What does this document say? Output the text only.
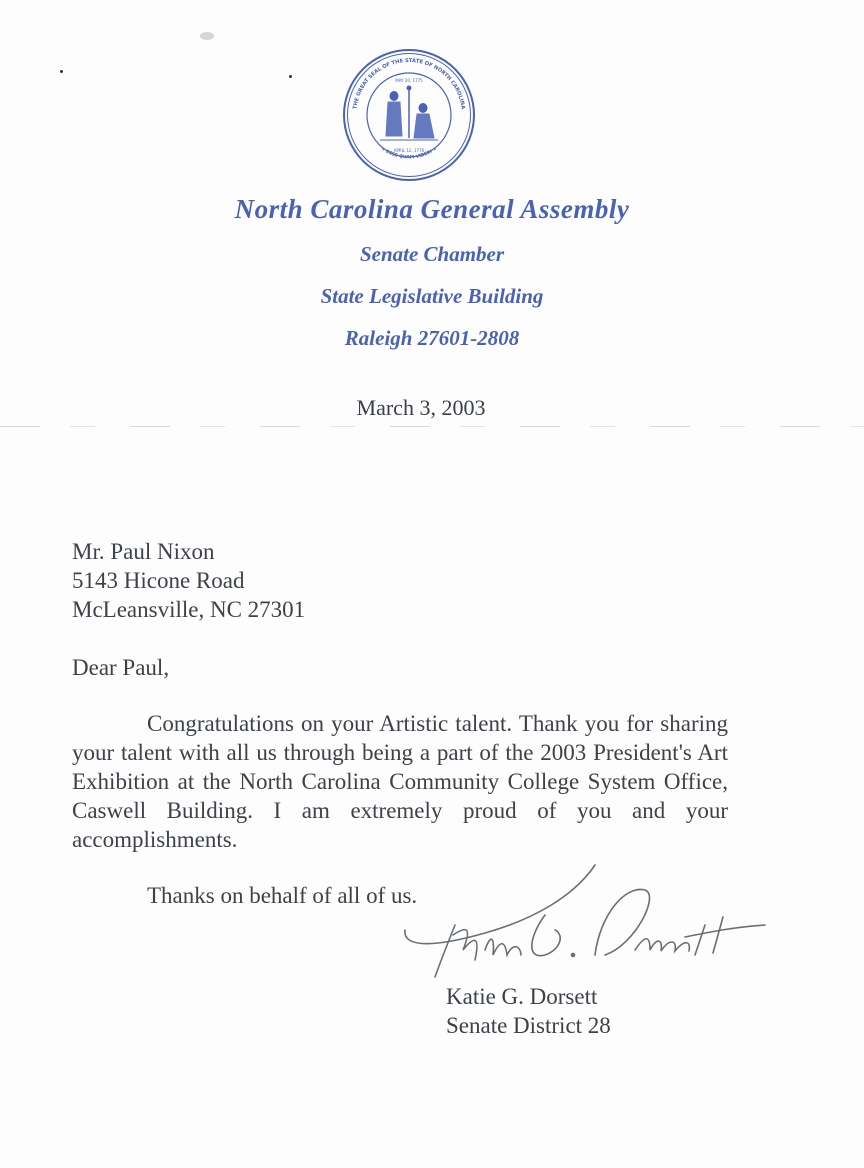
THE GREAT SEAL OF THE STATE OF NORTH CAROLINA
★ ESSE QUAM VIDERI ★
MAY 20, 1775
APRIL 12, 1776
North Carolina General Assembly
Senate Chamber
State Legislative Building
Raleigh 27601-2808
March 3, 2003
Mr. Paul Nixon
5143 Hicone Road
McLeansville, NC 27301
Dear Paul,
Congratulations on your Artistic talent. Thank you for sharing your talent with all us through being a part of the 2003 President's Art Exhibition at the North Carolina Community College System Office, Caswell Building. I am extremely proud of you and your accomplishments.
Thanks on behalf of all of us.
Katie G. Dorsett
Senate District 28
